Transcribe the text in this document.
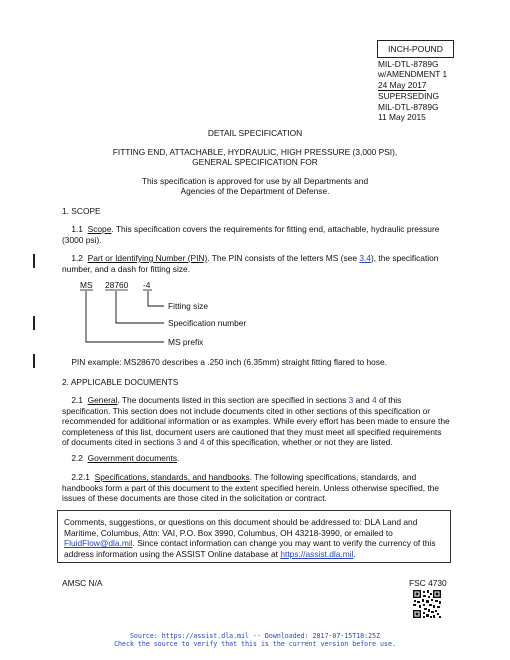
INCH-POUND
MIL-DTL-8789G
w/AMENDMENT 1
24 May 2017
SUPERSEDING
MIL-DTL-8789G
11 May 2015
DETAIL SPECIFICATION
FITTING END, ATTACHABLE, HYDRAULIC, HIGH PRESSURE (3,000 PSI),
GENERAL SPECIFICATION FOR
This specification is approved for use by all Departments and
Agencies of the Department of Defense.
1. SCOPE
1.1 Scope. This specification covers the requirements for fitting end, attachable, hydraulic pressure (3000 psi).
1.2 Part or Identifying Number (PIN). The PIN consists of the letters MS (see 3.4), the specification number, and a dash for fitting size.
MS 28760 -4
Fitting size
Specification number
MS prefix
PIN example: MS28670 describes a .250 inch (6.35mm) straight fitting flared to hose.
2. APPLICABLE DOCUMENTS
2.1 General. The documents listed in this section are specified in sections 3 and 4 of this specification. This section does not include documents cited in other sections of this specification or recommended for additional information or as examples. While every effort has been made to ensure the completeness of this list, document users are cautioned that they must meet all specified requirements of documents cited in sections 3 and 4 of this specification, whether or not they are listed.
2.2 Government documents.
2.2.1 Specifications, standards, and handbooks. The following specifications, standards, and handbooks form a part of this document to the extent specified herein. Unless otherwise specified, the issues of these documents are those cited in the solicitation or contract.

Comments, suggestions, or questions on this document should be addressed to: DLA Land and Maritime, Columbus, Attn: VAI, P.O. Box 3990, Columbus, OH 43218-3990, or emailed to FluidFlow@dla.mil. Since contact information can change you may want to verify the currency of this address information using the ASSIST Online database at https://assist.dla.mil.

AMSC N/A	FSC 4730
Source: https://assist.dla.mil -- Downloaded: 2017-07-15T18:25Z
Check the source to verify that this is the current version before use.
